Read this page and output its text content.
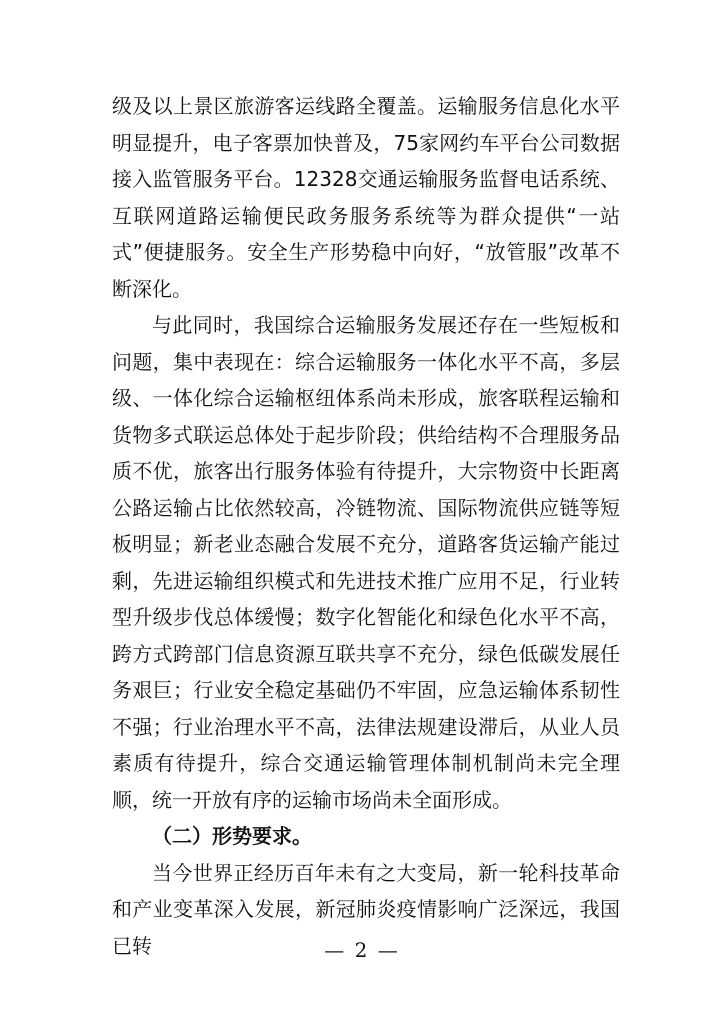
级及以上景区旅游客运线路全覆盖。运输服务信息化水平明显提升，电子客票加快普及，75家网约车平台公司数据接入监管服务平台。12328交通运输服务监督电话系统、互联网道路运输便民政务服务系统等为群众提供“一站式”便捷服务。安全生产形势稳中向好，“放管服”改革不断深化。

与此同时，我国综合运输服务发展还存在一些短板和问题，集中表现在：综合运输服务一体化水平不高，多层级、一体化综合运输枢纽体系尚未形成，旅客联程运输和货物多式联运总体处于起步阶段；供给结构不合理服务品质不优，旅客出行服务体验有待提升，大宗物资中长距离公路运输占比依然较高，冷链物流、国际物流供应链等短板明显；新老业态融合发展不充分，道路客货运输产能过剩，先进运输组织模式和先进技术推广应用不足，行业转型升级步伐总体缓慢；数字化智能化和绿色化水平不高，跨方式跨部门信息资源互联共享不充分，绿色低碳发展任务艰巨；行业安全稳定基础仍不牢固，应急运输体系韧性不强；行业治理水平不高，法律法规建设滞后，从业人员素质有待提升，综合交通运输管理体制机制尚未完全理顺，统一开放有序的运输市场尚未全面形成。

（二）形势要求。

当今世界正经历百年未有之大变局，新一轮科技革命和产业变革深入发展，新冠肺炎疫情影响广泛深远，我国已转	— 2 —
